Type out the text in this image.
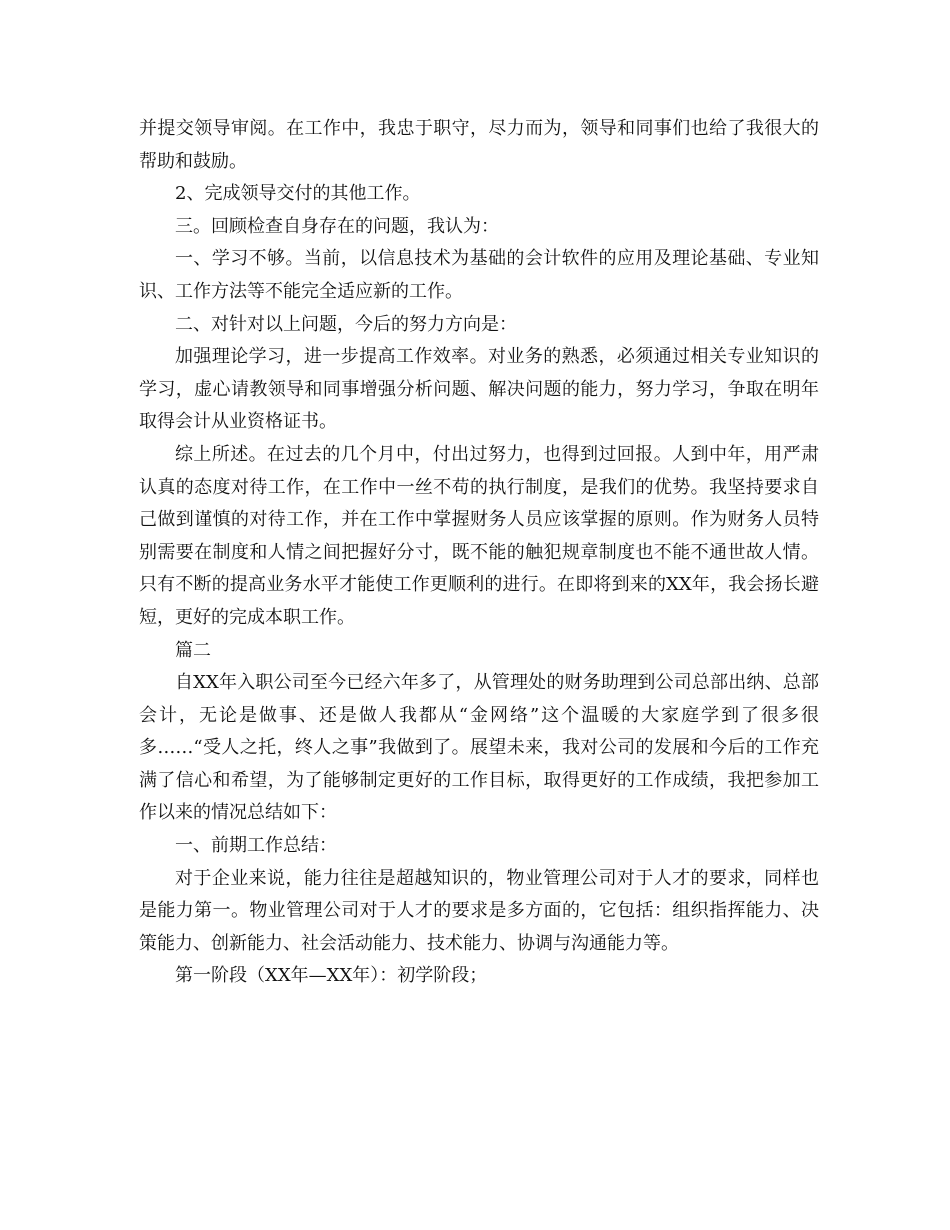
并提交领导审阅。在工作中，我忠于职守，尽力而为，领导和同事们也给了我很大的帮助和鼓励。

2、完成领导交付的其他工作。

三。回顾检查自身存在的问题，我认为：

一、学习不够。当前，以信息技术为基础的会计软件的应用及理论基础、专业知识、工作方法等不能完全适应新的工作。

二、对针对以上问题，今后的努力方向是：

加强理论学习，进一步提高工作效率。对业务的熟悉，必须通过相关专业知识的学习，虚心请教领导和同事增强分析问题、解决问题的能力，努力学习，争取在明年取得会计从业资格证书。

综上所述。在过去的几个月中，付出过努力，也得到过回报。人到中年，用严肃认真的态度对待工作，在工作中一丝不苟的执行制度，是我们的优势。我坚持要求自己做到谨慎的对待工作，并在工作中掌握财务人员应该掌握的原则。作为财务人员特别需要在制度和人情之间把握好分寸，既不能的触犯规章制度也不能不通世故人情。只有不断的提高业务水平才能使工作更顺利的进行。在即将到来的XX年，我会扬长避短，更好的完成本职工作。

篇二

自XX年入职公司至今已经六年多了，从管理处的财务助理到公司总部出纳、总部会计，无论是做事、还是做人我都从“金网络”这个温暖的大家庭学到了很多很多……“受人之托，终人之事”我做到了。展望未来，我对公司的发展和今后的工作充满了信心和希望，为了能够制定更好的工作目标，取得更好的工作成绩，我把参加工作以来的情况总结如下：

一、前期工作总结：

对于企业来说，能力往往是超越知识的，物业管理公司对于人才的要求，同样也是能力第一。物业管理公司对于人才的要求是多方面的，它包括：组织指挥能力、决策能力、创新能力、社会活动能力、技术能力、协调与沟通能力等。

第一阶段（XX年—XX年）：初学阶段；
